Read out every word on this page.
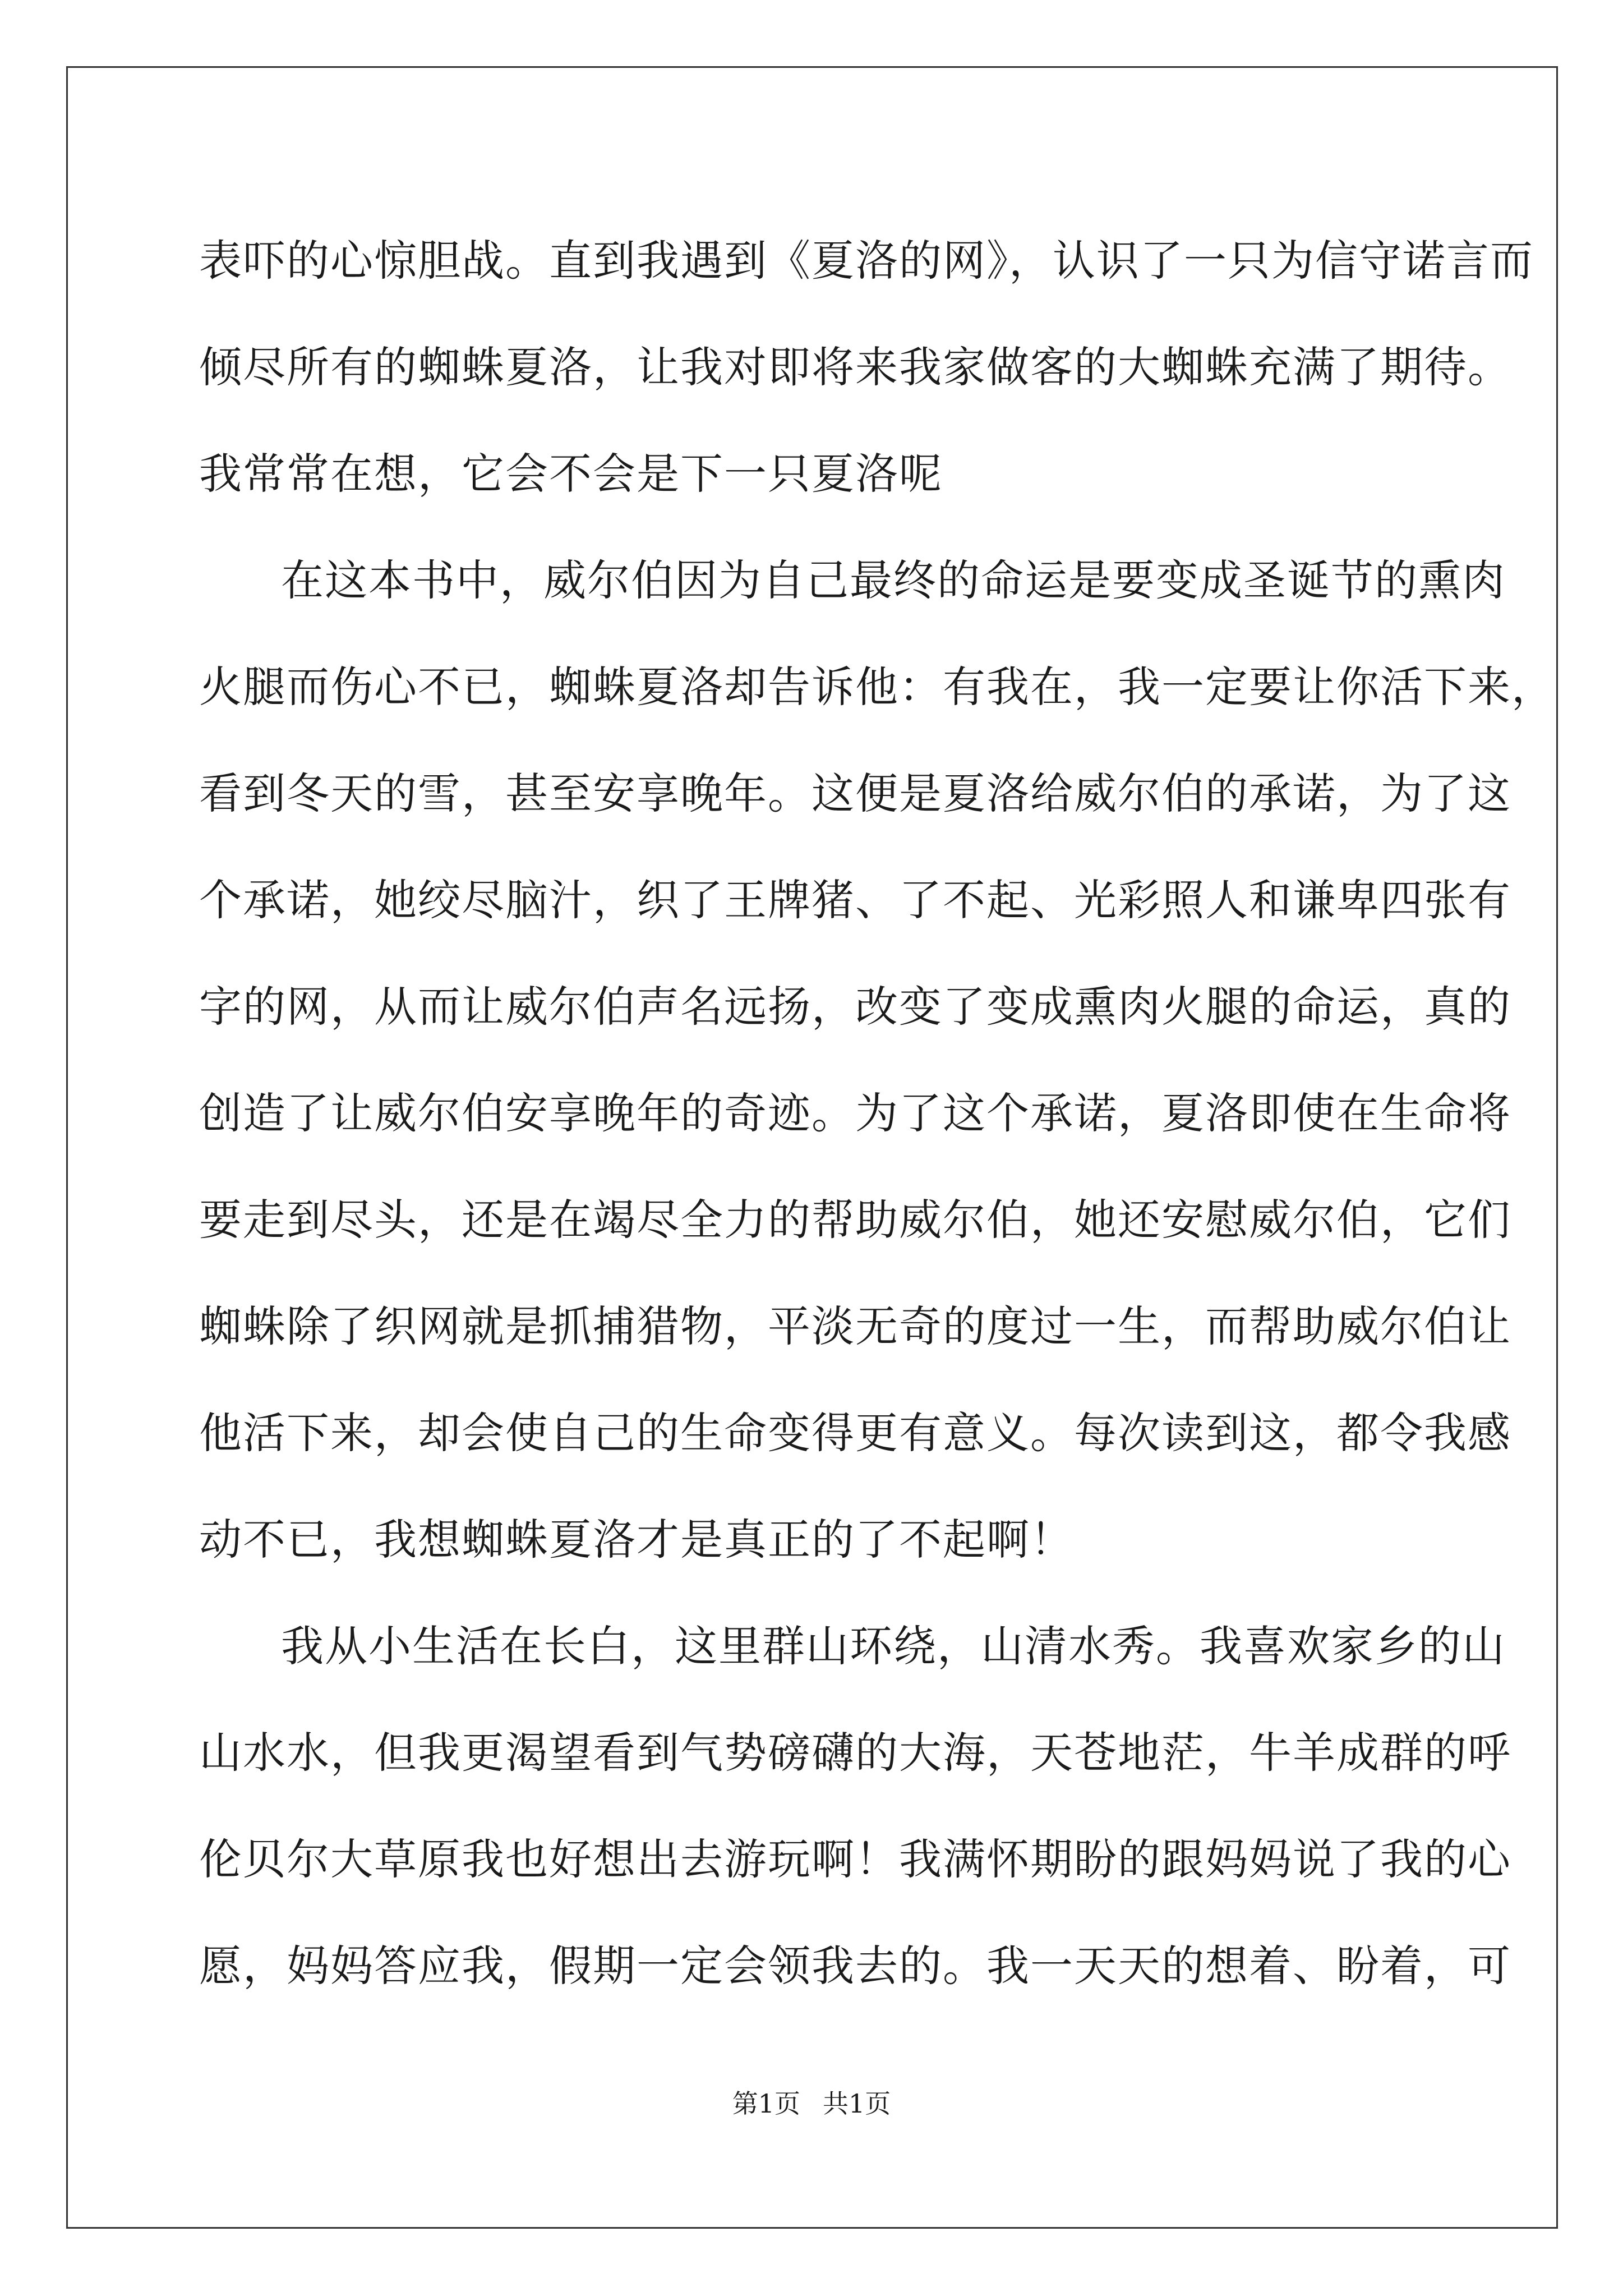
表吓的心惊胆战。直到我遇到《夏洛的网》，认识了一只为信守诺言而
倾尽所有的蜘蛛夏洛，让我对即将来我家做客的大蜘蛛充满了期待。
我常常在想，它会不会是下一只夏洛呢
在这本书中，威尔伯因为自己最终的命运是要变成圣诞节的熏肉
火腿而伤心不已，蜘蛛夏洛却告诉他：有我在，我一定要让你活下来，
看到冬天的雪，甚至安享晚年。这便是夏洛给威尔伯的承诺，为了这
个承诺，她绞尽脑汁，织了王牌猪、了不起、光彩照人和谦卑四张有
字的网，从而让威尔伯声名远扬，改变了变成熏肉火腿的命运，真的
创造了让威尔伯安享晚年的奇迹。为了这个承诺，夏洛即使在生命将
要走到尽头，还是在竭尽全力的帮助威尔伯，她还安慰威尔伯，它们
蜘蛛除了织网就是抓捕猎物，平淡无奇的度过一生，而帮助威尔伯让
他活下来，却会使自己的生命变得更有意义。每次读到这，都令我感
动不已，我想蜘蛛夏洛才是真正的了不起啊！
我从小生活在长白，这里群山环绕，山清水秀。我喜欢家乡的山
山水水，但我更渴望看到气势磅礴的大海，天苍地茫，牛羊成群的呼
伦贝尔大草原我也好想出去游玩啊！我满怀期盼的跟妈妈说了我的心
愿，妈妈答应我，假期一定会领我去的。我一天天的想着、盼着，可
第1页 共1页
